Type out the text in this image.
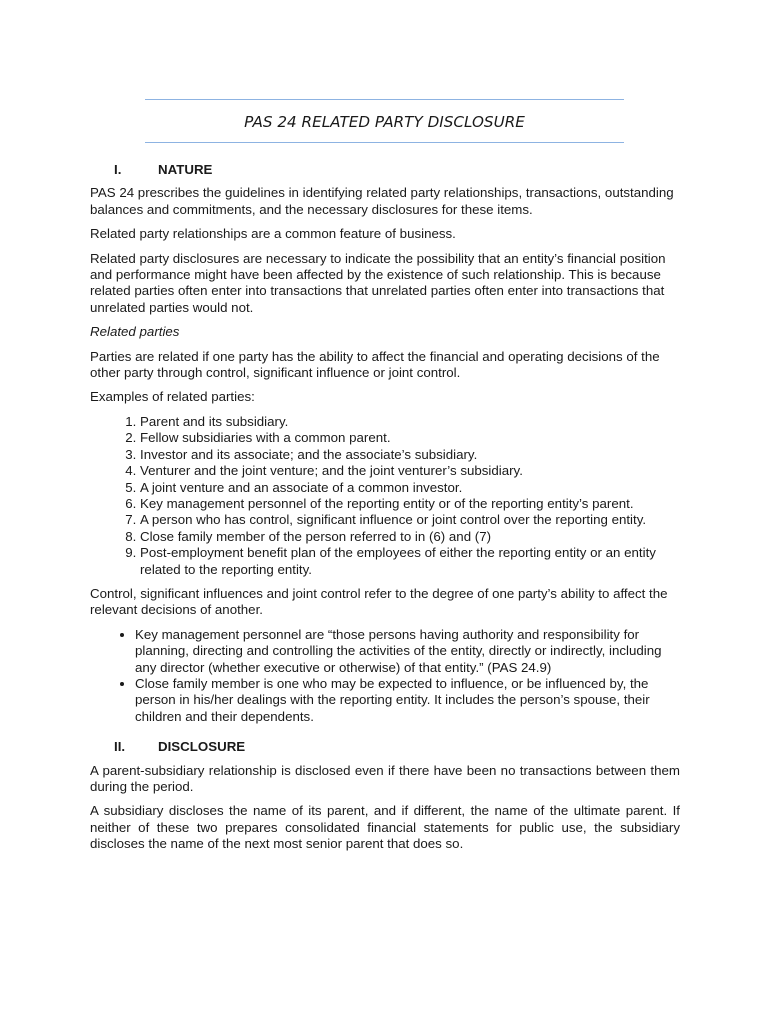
PAS 24 RELATED PARTY DISCLOSURE
I.	NATURE

PAS 24 prescribes the guidelines in identifying related party relationships, transactions, outstanding balances and commitments, and the necessary disclosures for these items.

Related party relationships are a common feature of business.

Related party disclosures are necessary to indicate the possibility that an entity’s financial position and performance might have been affected by the existence of such relationship. This is because related parties often enter into transactions that unrelated parties often enter into transactions that unrelated parties would not.

Related parties

Parties are related if one party has the ability to affect the financial and operating decisions of the other party through control, significant influence or joint control.

Examples of related parties:

1. Parent and its subsidiary.
2. Fellow subsidiaries with a common parent.
3. Investor and its associate; and the associate’s subsidiary.
4. Venturer and the joint venture; and the joint venturer’s subsidiary.
5. A joint venture and an associate of a common investor.
6. Key management personnel of the reporting entity or of the reporting entity’s parent.
7. A person who has control, significant influence or joint control over the reporting entity.
8. Close family member of the person referred to in (6) and (7)
9. Post-employment benefit plan of the employees of either the reporting entity or an entity related to the reporting entity.

Control, significant influences and joint control refer to the degree of one party’s ability to affect the relevant decisions of another.

• Key management personnel are “those persons having authority and responsibility for planning, directing and controlling the activities of the entity, directly or indirectly, including any director (whether executive or otherwise) of that entity.” (PAS 24.9)
• Close family member is one who may be expected to influence, or be influenced by, the person in his/her dealings with the reporting entity. It includes the person’s spouse, their children and their dependents.
II.	DISCLOSURE

A parent-subsidiary relationship is disclosed even if there have been no transactions between them during the period.

A subsidiary discloses the name of its parent, and if different, the name of the ultimate parent. If neither of these two prepares consolidated financial statements for public use, the subsidiary discloses the name of the next most senior parent that does so.
